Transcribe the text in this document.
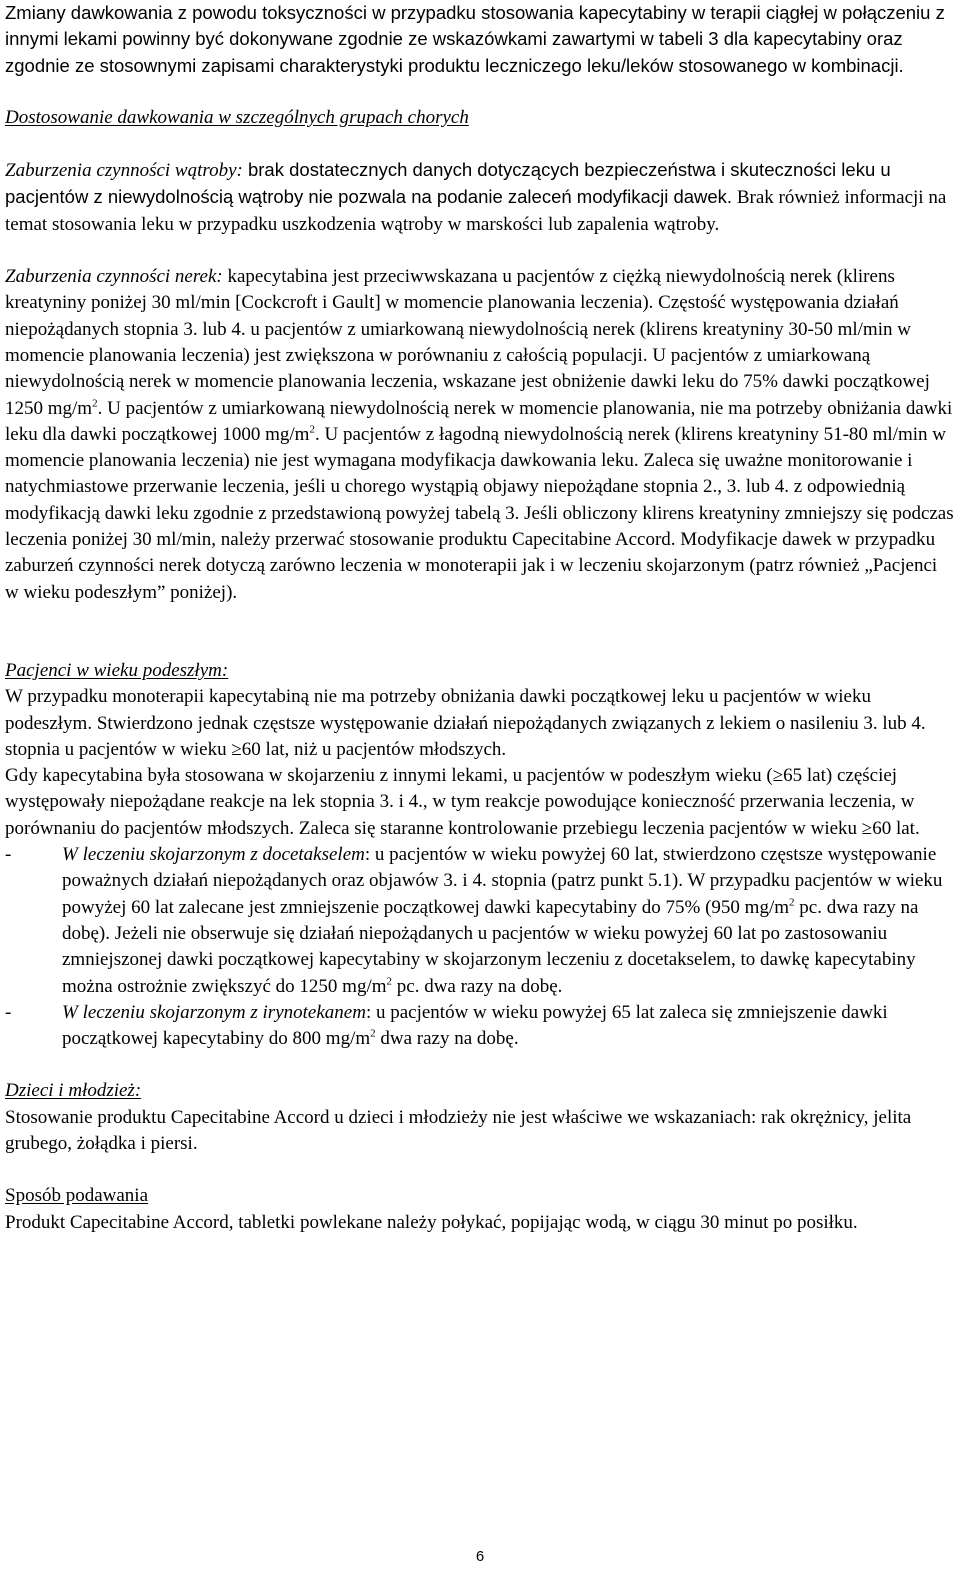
Zmiany dawkowania z powodu toksyczności w przypadku stosowania kapecytabiny w terapii ciągłej w połączeniu z innymi lekami powinny być dokonywane zgodnie ze wskazówkami zawartymi w tabeli 3 dla kapecytabiny oraz zgodnie ze stosownymi zapisami charakterystyki produktu leczniczego leku/leków stosowanego w kombinacji.

Dostosowanie dawkowania w szczególnych grupach chorych

Zaburzenia czynności wątroby: brak dostatecznych danych dotyczących bezpieczeństwa i skuteczności leku u pacjentów z niewydolnością wątroby nie pozwala na podanie zaleceń modyfikacji dawek. Brak również informacji na temat stosowania leku w przypadku uszkodzenia wątroby w marskości lub zapalenia wątroby.

Zaburzenia czynności nerek: kapecytabina jest przeciwwskazana u pacjentów z ciężką niewydolnością nerek (klirens kreatyniny poniżej 30 ml/min [Cockcroft i Gault] w momencie planowania leczenia). Częstość występowania działań niepożądanych stopnia 3. lub 4. u pacjentów z umiarkowaną niewydolnością nerek (klirens kreatyniny 30-50 ml/min w momencie planowania leczenia) jest zwiększona w porównaniu z całością populacji. U pacjentów z umiarkowaną niewydolnością nerek w momencie planowania leczenia, wskazane jest obniżenie dawki leku do 75% dawki początkowej 1250 $mg/m^2$. U pacjentów z umiarkowaną niewydolnością nerek w momencie planowania, nie ma potrzeby obniżania dawki leku dla dawki początkowej 1000 $mg/m^2$. U pacjentów z łagodną niewydolnością nerek (klirens kreatyniny 51-80 ml/min w momencie planowania leczenia) nie jest wymagana modyfikacja dawkowania leku. Zaleca się uważne monitorowanie i natychmiastowe przerwanie leczenia, jeśli u chorego wystąpią objawy niepożądane stopnia 2., 3. lub 4. z odpowiednią modyfikacją dawki leku zgodnie z przedstawioną powyżej tabelą 3. Jeśli obliczony klirens kreatyniny zmniejszy się podczas leczenia poniżej 30 ml/min, należy przerwać stosowanie produktu Capecitabine Accord. Modyfikacje dawek w przypadku zaburzeń czynności nerek dotyczą zarówno leczenia w monoterapii jak i w leczeniu skojarzonym (patrz również „Pacjenci w wieku podeszłym” poniżej).

Pacjenci w wieku podeszłym:

W przypadku monoterapii kapecytabiną nie ma potrzeby obniżania dawki początkowej leku u pacjentów w wieku podeszłym. Stwierdzono jednak częstsze występowanie działań niepożądanych związanych z lekiem o nasileniu 3. lub 4. stopnia u pacjentów w wieku ≥60 lat, niż u pacjentów młodszych.

Gdy kapecytabina była stosowana w skojarzeniu z innymi lekami, u pacjentów w podeszłym wieku (≥65 lat) częściej występowały niepożądane reakcje na lek stopnia 3. i 4., w tym reakcje powodujące konieczność przerwania leczenia, w porównaniu do pacjentów młodszych. Zaleca się staranne kontrolowanie przebiegu leczenia pacjentów w wieku ≥60 lat.

-	W leczeniu skojarzonym z docetakselem: u pacjentów w wieku powyżej 60 lat, stwierdzono częstsze występowanie poważnych działań niepożądanych oraz objawów 3. i 4. stopnia (patrz punkt 5.1). W przypadku pacjentów w wieku powyżej 60 lat zalecane jest zmniejszenie początkowej dawki kapecytabiny do 75% (950 $mg/m^2$ pc. dwa razy na dobę). Jeżeli nie obserwuje się działań niepożądanych u pacjentów w wieku powyżej 60 lat po zastosowaniu zmniejszonej dawki początkowej kapecytabiny w skojarzonym leczeniu z docetakselem, to dawkę kapecytabiny można ostrożnie zwiększyć do 1250 $mg/m^2$ pc. dwa razy na dobę.
-	W leczeniu skojarzonym z irynotekanem: u pacjentów w wieku powyżej 65 lat zaleca się zmniejszenie dawki początkowej kapecytabiny do 800 $mg/m^2$ dwa razy na dobę.

Dzieci i młodzież:

Stosowanie produktu Capecitabine Accord u dzieci i młodzieży nie jest właściwe we wskazaniach: rak okrężnicy, jelita grubego, żołądka i piersi.

Sposób podawania

Produkt Capecitabine Accord, tabletki powlekane należy połykać, popijając wodą, w ciągu 30 minut po posiłku.

6
